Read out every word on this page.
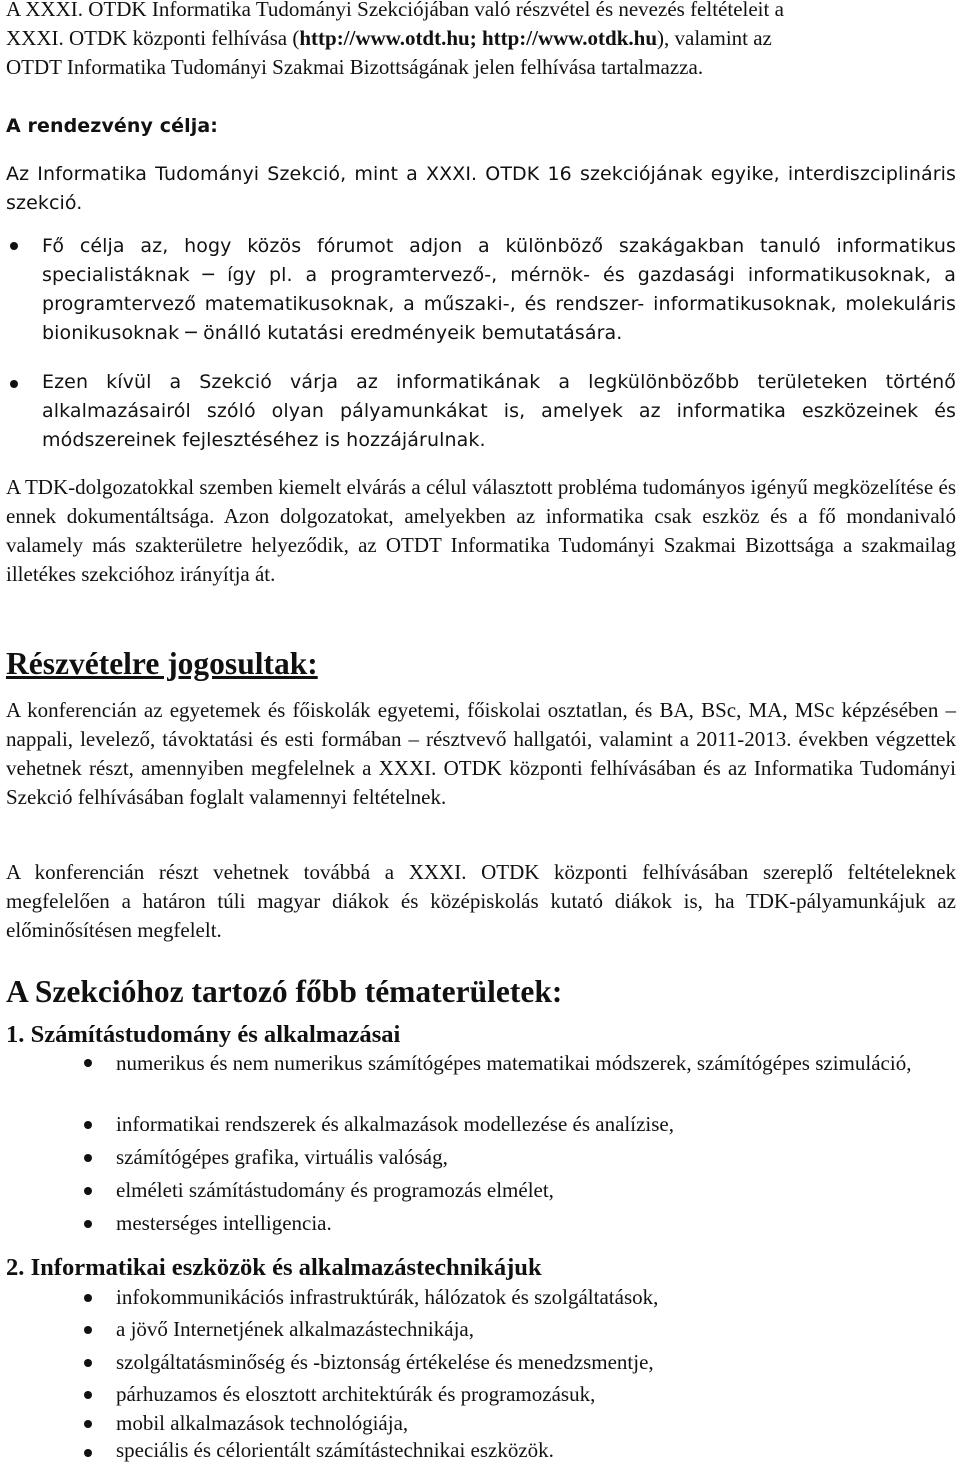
A XXXI. OTDK Informatika Tudományi Szekciójában való részvétel és nevezés feltételeit a

XXXI. OTDK központi felhívása (http://www.otdt.hu; http://www.otdk.hu), valamint az

OTDT Informatika Tudományi Szakmai Bizottságának jelen felhívása tartalmazza.

A rendezvény célja:

Az Informatika Tudományi Szekció, mint a XXXI. OTDK 16 szekciójának egyike, interdiszciplináris szekció.

Fő célja az, hogy közös fórumot adjon a különböző szakágakban tanuló informatikus specialistáknak ─ így pl. a programtervező-, mérnök- és gazdasági informatikusoknak, a programtervező matematikusoknak, a műszaki-, és rendszer- informatikusoknak, molekuláris bionikusoknak ─ önálló kutatási eredményeik bemutatására.

Ezen kívül a Szekció várja az informatikának a legkülönbözőbb területeken történő alkalmazásairól szóló olyan pályamunkákat is, amelyek az informatika eszközeinek és módszereinek fejlesztéséhez is hozzájárulnak.

A TDK-dolgozatokkal szemben kiemelt elvárás a célul választott probléma tudományos igényű megközelítése és ennek dokumentáltsága. Azon dolgozatokat, amelyekben az informatika csak eszköz és a fő mondanivaló valamely más szakterületre helyeződik, az OTDT Informatika Tudományi Szakmai Bizottsága a szakmailag illetékes szekcióhoz irányítja át.

Részvételre jogosultak:

A konferencián az egyetemek és főiskolák egyetemi, főiskolai osztatlan, és BA, BSc, MA, MSc képzésében – nappali, levelező, távoktatási és esti formában – résztvevő hallgatói, valamint a 2011-2013. években végzettek vehetnek részt, amennyiben megfelelnek a XXXI. OTDK központi felhívásában és az Informatika Tudományi Szekció felhívásában foglalt valamennyi feltételnek.

A konferencián részt vehetnek továbbá a XXXI. OTDK központi felhívásában szereplő feltételeknek megfelelően a határon túli magyar diákok és középiskolás kutató diákok is, ha TDK-pályamunkájuk az előminősítésen megfelelt.

A Szekcióhoz tartozó főbb tématerületek:
1. Számítástudomány és alkalmazásai

numerikus és nem numerikus számítógépes matematikai módszerek, számítógépes szimuláció,

informatikai rendszerek és alkalmazások modellezése és analízise,

számítógépes grafika, virtuális valóság,

elméleti számítástudomány és programozás elmélet,

mesterséges intelligencia.

2. Informatikai eszközök és alkalmazástechnikájuk

infokommunikációs infrastruktúrák, hálózatok és szolgáltatások,

a jövő Internetjének alkalmazástechnikája,

szolgáltatásminőség és -biztonság értékelése és menedzsmentje,

párhuzamos és elosztott architektúrák és programozásuk,

mobil alkalmazások technológiája,

speciális és célorientált számítástechnikai eszközök.
